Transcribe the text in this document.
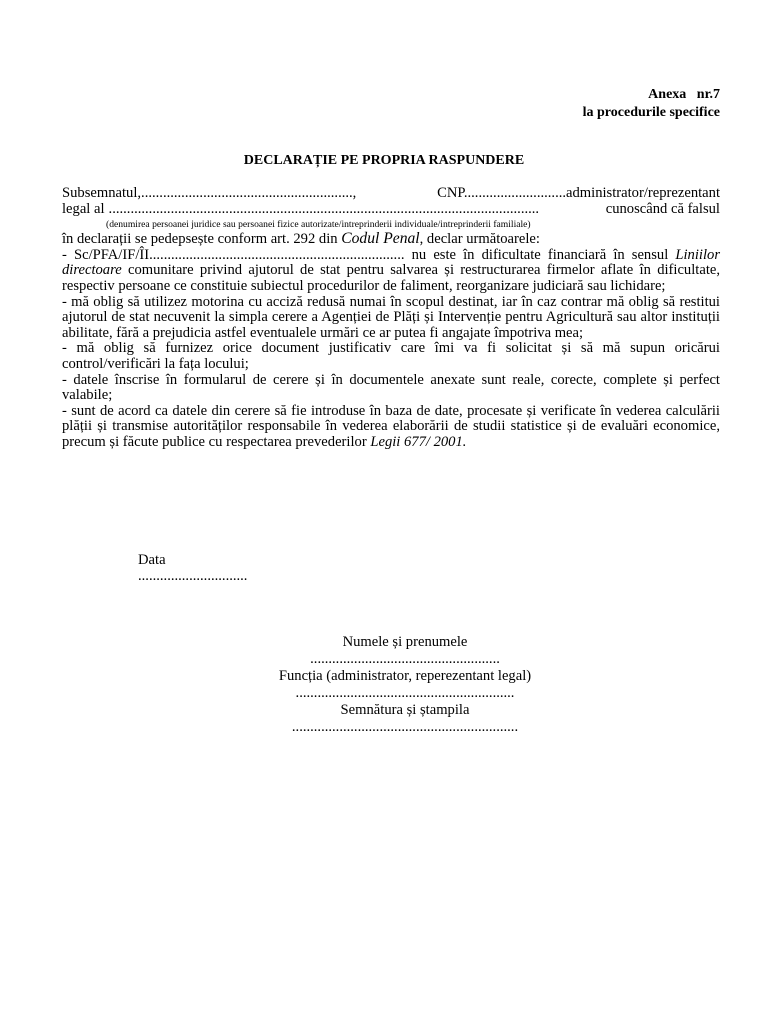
Anexa   nr.7
la procedurile specifice
DECLARAȚIE PE PROPRIA RASPUNDERE
Subsemnatul,..........................................................,	CNP............................administrator/reprezentant
legal al ......................................................................................................................	cunoscând că falsul

(denumirea persoanei juridice sau persoanei fizice autorizate/intreprinderii individuale/intreprinderii familiale)

în declarații se pedepsește conform art. 292 din Codul Penal, declar următoarele:

- Sc/PFA/IF/ÎI...................................................................... nu este în dificultate financiară în sensul Liniilor directoare comunitare privind ajutorul de stat pentru salvarea și restructurarea firmelor aflate în dificultate, respectiv persoane ce constituie subiectul procedurilor de faliment, reorganizare judiciară sau lichidare;

- mă oblig să utilizez motorina cu acciză redusă numai în scopul destinat, iar în caz contrar mă oblig să restitui ajutorul de stat necuvenit la simpla cerere a Agenției de Plăți și Intervenție pentru Agricultură sau altor instituții abilitate, fără a prejudicia astfel eventualele urmări ce ar putea fi angajate împotriva mea;

- mă oblig să furnizez orice document justificativ care îmi va fi solicitat și să mă supun oricărui control/verificări la fața locului;

- datele înscrise în formularul de cerere și în documentele anexate sunt reale, corecte, complete și perfect valabile;

- sunt de acord ca datele din cerere să fie introduse în baza de date, procesate și verificate în vederea calculării plății și transmise autorităților responsabile în vederea elaborării de studii statistice și de evaluări economice, precum și făcute publice cu respectarea prevederilor Legii 677/ 2001.

Data
..............................
Numele și prenumele
....................................................
Funcția (administrator, reperezentant legal)
............................................................
Semnătura și ștampila
..............................................................
